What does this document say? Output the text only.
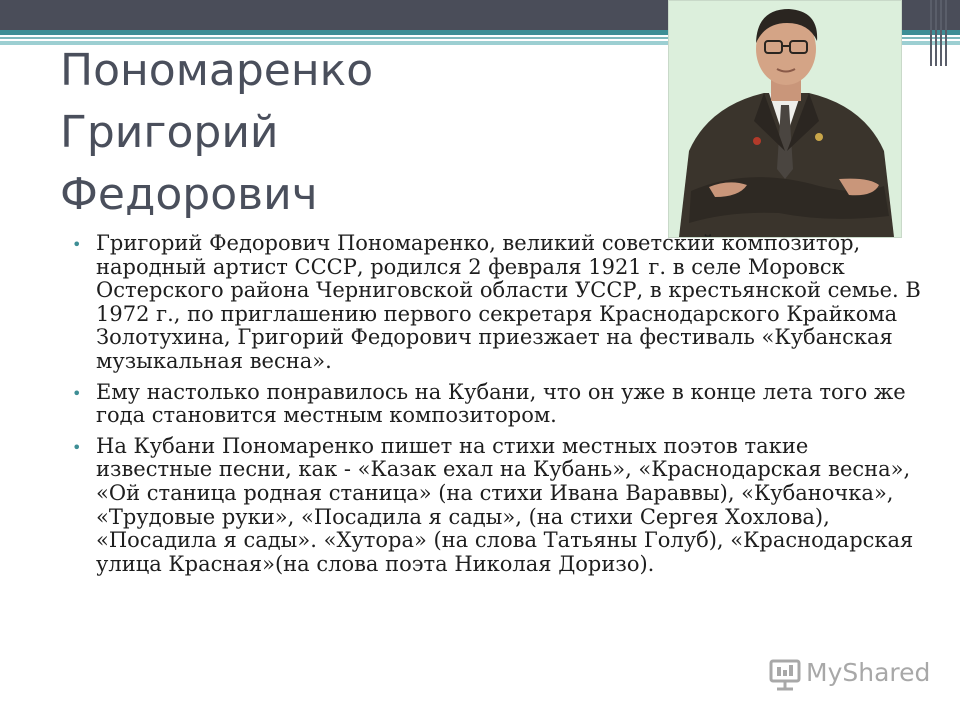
Пономаренко
Григорий
Федорович
• Григорий Федорович Пономаренко, великий советский композитор, народный артист СССР, родился 2 февраля 1921 г. в селе Моровск Остерского района Черниговской области УССР, в крестьянской семье. В 1972 г., по приглашению первого секретаря Краснодарского Крайкома Золотухина, Григорий Федорович приезжает на фестиваль «Кубанская музыкальная весна».
• Ему настолько понравилось на Кубани, что он уже в конце лета того же года становится местным композитором.
• На Кубани Пономаренко пишет на стихи местных поэтов такие известные песни, как - «Казак ехал на Кубань», «Краснодарская весна», «Ой станица родная станица» (на стихи Ивана Вараввы), «Кубаночка», «Трудовые руки», «Посадила я сады», (на стихи Сергея Хохлова), «Посадила я сады». «Хутора» (на слова Татьяны Голуб), «Краснодарская улица Красная»(на слова поэта Николая Доризо).
MyShared
